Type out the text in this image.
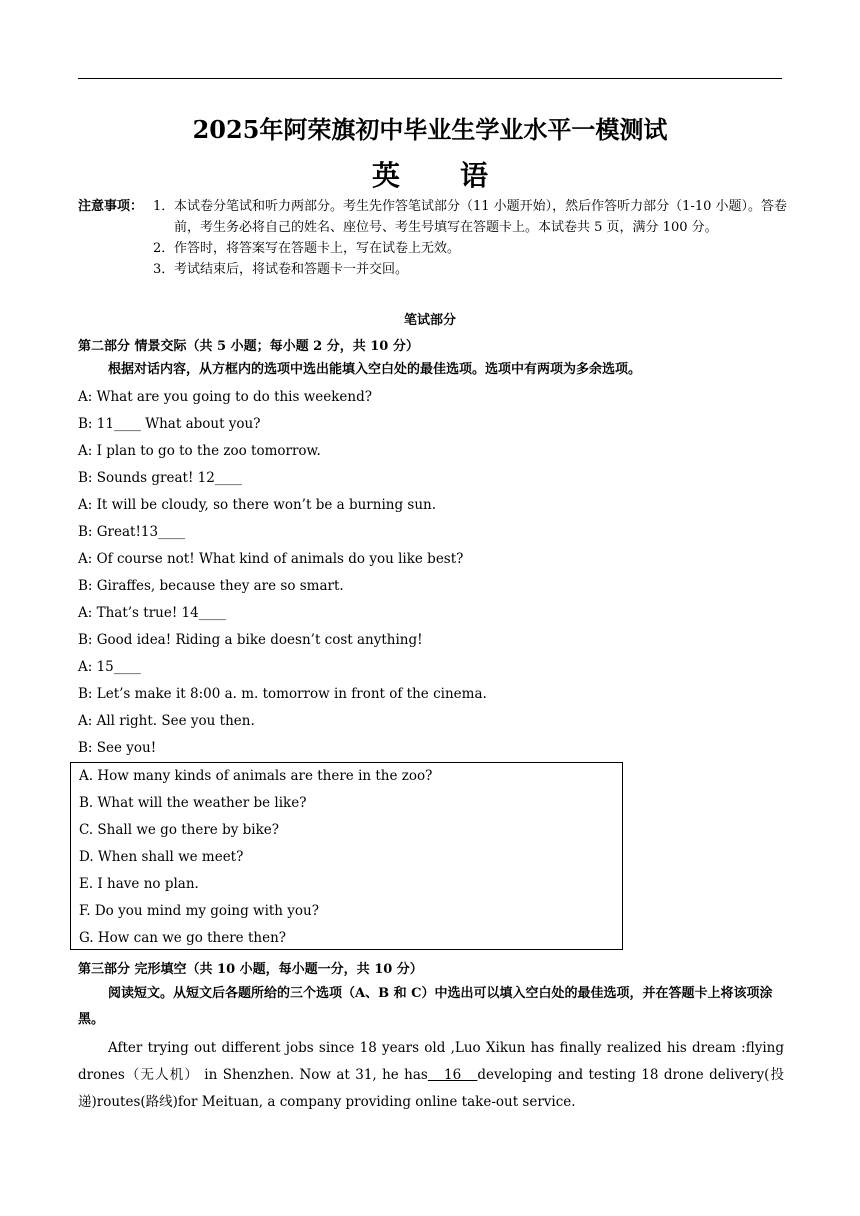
2025年阿荣旗初中毕业生学业水平一模测试
英 语
注意事项： 1． 本试卷分笔试和听力两部分。考生先作答笔试部分（11 小题开始），然后作答听力部分（1-10 小题）。答卷前，考生务必将自己的姓名、座位号、考生号填写在答题卡上。本试卷共 5 页，满分 100 分。
2． 作答时，将答案写在答题卡上，写在试卷上无效。
3． 考试结束后，将试卷和答题卡一并交回。
笔试部分
第二部分 情景交际（共 5 小题；每小题 2 分，共 10 分）
根据对话内容，从方框内的选项中选出能填入空白处的最佳选项。选项中有两项为多余选项。
A: What are you going to do this weekend?
B: 11____ What about you?
A: I plan to go to the zoo tomorrow.
B: Sounds great! 12____
A: It will be cloudy, so there won’t be a burning sun.
B: Great!13____
A: Of course not! What kind of animals do you like best?
B: Giraffes, because they are so smart.
A: That’s true! 14____
B: Good idea! Riding a bike doesn’t cost anything!
A: 15____
B: Let’s make it 8:00 a. m. tomorrow in front of the cinema.
A: All right. See you then.
B: See you!
A. How many kinds of animals are there in the zoo?
B. What will the weather be like?
C. Shall we go there by bike?
D. When shall we meet?
E. I have no plan.
F. Do you mind my going with you?
G. How can we go there then?
第三部分 完形填空（共 10 小题，每小题一分，共 10 分）
阅读短文。从短文后各题所给的三个选项（A、B 和 C）中选出可以填入空白处的最佳选项，并在答题卡上将该项涂黑。
After trying out different jobs since 18 years old ,Luo Xikun has finally realized his dream :flying drones（无人机） in Shenzhen. Now at 31, he has   16   developing and testing 18 drone delivery(投递)routes(路线)for Meituan, a company providing online take-out service.
